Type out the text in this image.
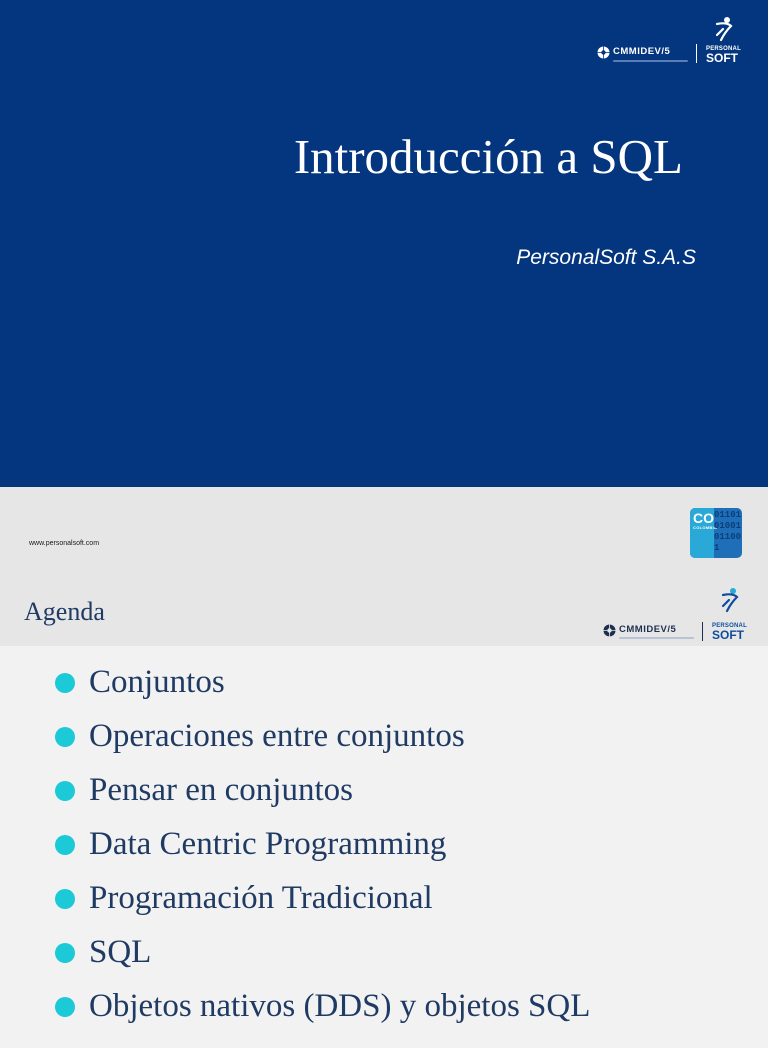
CMMIDEV/5	PERSONAL
SOFT
Introducción a SQL
PersonalSoft S.A.S
www.personalsoft.com
CO
COLOMBIA
0110101001011001
Agenda
Conjuntos
Operaciones entre conjuntos
Pensar en conjuntos
Data Centric Programming
Programación Tradicional
SQL
Objetos nativos (DDS) y objetos SQL
CMMIDEV/5	PERSONAL
SOFT
